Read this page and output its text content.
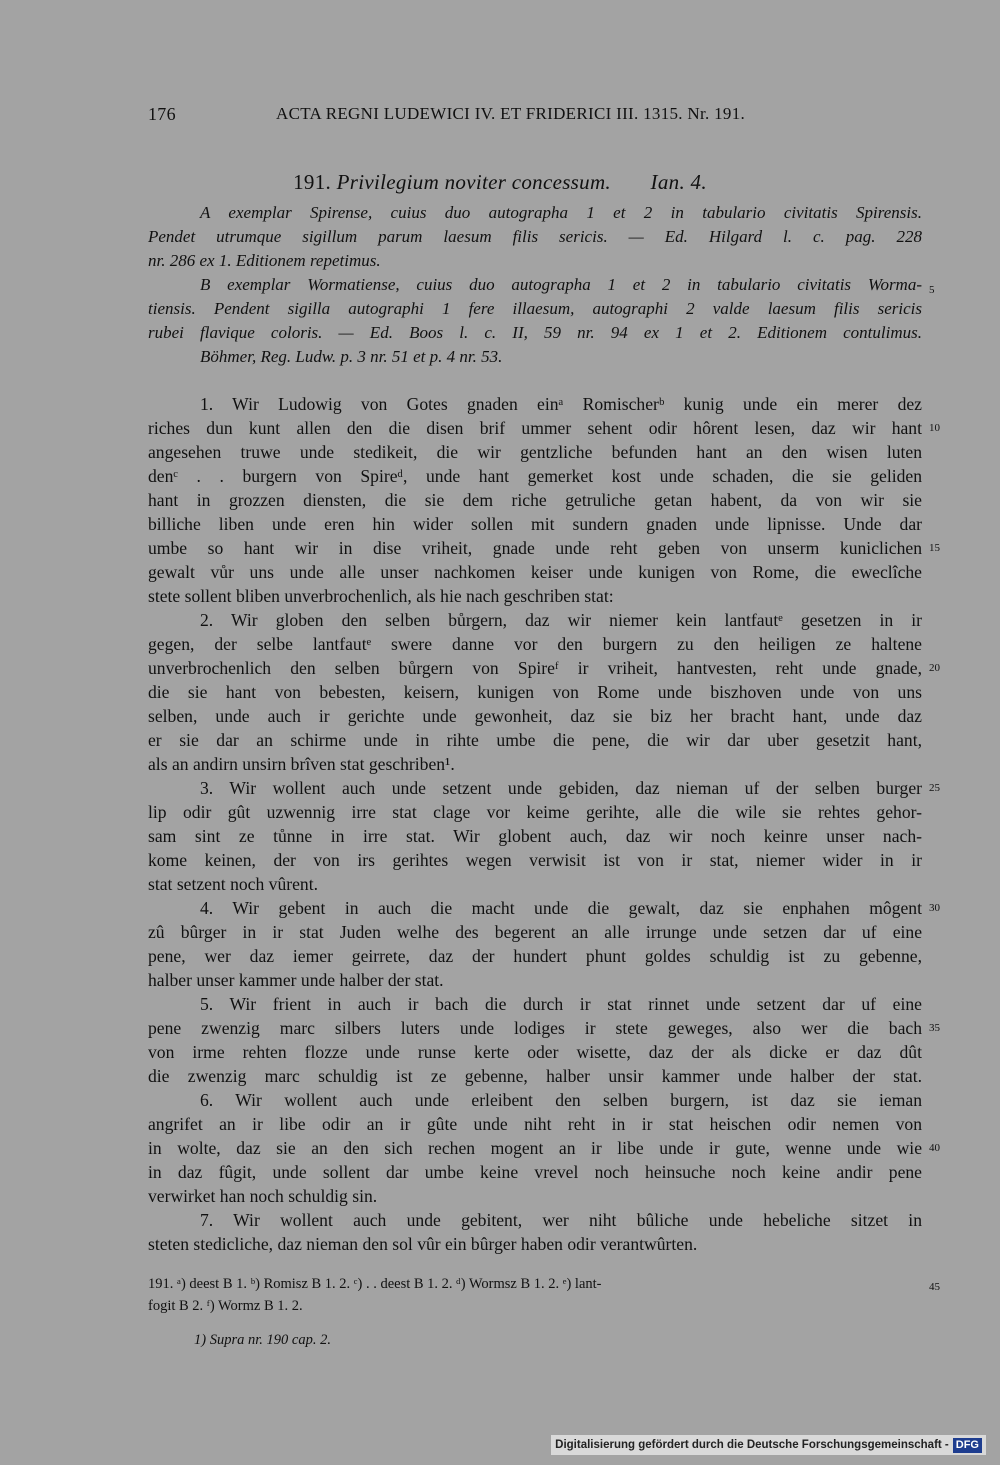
176	ACTA REGNI LUDEWICI IV. ET FRIDERICI III. 1315. Nr. 191.
191. Privilegium noviter concessum. Ian. 4.
A exemplar Spirense, cuius duo autographa 1 et 2 in tabulario civitatis Spirensis.
Pendet utrumque sigillum parum laesum filis sericis. — Ed. Hilgard l. c. pag. 228
nr. 286 ex 1. Editionem repetimus.
B exemplar Wormatiense, cuius duo autographa 1 et 2 in tabulario civitatis Worma-
tiensis. Pendent sigilla autographi 1 fere illaesum, autographi 2 valde laesum filis sericis
rubei flavique coloris. — Ed. Boos l. c. II, 59 nr. 94 ex 1 et 2. Editionem contulimus.
Böhmer, Reg. Ludw. p. 3 nr. 51 et p. 4 nr. 53.
1. Wir Ludowig von Gotes gnaden einᵃ Romischerᵇ kunig unde ein merer dez
riches dun kunt allen den die disen brif ummer sehent odir hôrent lesen, daz wir hant
angesehen truwe unde stedikeit, die wir gentzliche befunden hant an den wisen luten
denᶜ . . burgern von Spireᵈ, unde hant gemerket kost unde schaden, die sie geliden
hant in grozzen diensten, die sie dem riche getruliche getan habent, da von wir sie
billiche liben unde eren hin wider sollen mit sundern gnaden unde lipnisse. Unde dar
umbe so hant wir in dise vriheit, gnade unde reht geben von unserm kuniclichen
gewalt vůr uns unde alle unser nachkomen keiser unde kunigen von Rome, die eweclîche
stete sollent bliben unverbrochenlich, als hie nach geschriben stat:
2. Wir globen den selben bůrgern, daz wir niemer kein lantfautᵉ gesetzen in ir
gegen, der selbe lantfautᵉ swere danne vor den burgern zu den heiligen ze haltene
unverbrochenlich den selben bůrgern von Spireᶠ ir vriheit, hantvesten, reht unde gnade,
die sie hant von bebesten, keisern, kunigen von Rome unde biszhoven unde von uns
selben, unde auch ir gerichte unde gewonheit, daz sie biz her bracht hant, unde daz
er sie dar an schirme unde in rihte umbe die pene, die wir dar uber gesetzit hant,
als an andirn unsirn brîven stat geschriben¹.
3. Wir wollent auch unde setzent unde gebiden, daz nieman uf der selben burger
lip odir gût uzwennig irre stat clage vor keime gerihte, alle die wile sie rehtes gehor-
sam sint ze tůnne in irre stat. Wir globent auch, daz wir noch keinre unser nach-
kome keinen, der von irs gerihtes wegen verwisit ist von ir stat, niemer wider in ir
stat setzent noch vûrent.
4. Wir gebent in auch die macht unde die gewalt, daz sie enphahen môgent
zû bûrger in ir stat Juden welhe des begerent an alle irrunge unde setzen dar uf eine
pene, wer daz iemer geirrete, daz der hundert phunt goldes schuldig ist zu gebenne,
halber unser kammer unde halber der stat.
5. Wir frient in auch ir bach die durch ir stat rinnet unde setzent dar uf eine
pene zwenzig marc silbers luters unde lodiges ir stete geweges, also wer die bach
von irme rehten flozze unde runse kerte oder wisette, daz der als dicke er daz dût
die zwenzig marc schuldig ist ze gebenne, halber unsir kammer unde halber der stat.
6. Wir wollent auch unde erleibent den selben burgern, ist daz sie ieman
angrifet an ir libe odir an ir gûte unde niht reht in ir stat heischen odir nemen von
in wolte, daz sie an den sich rechen mogent an ir libe unde ir gute, wenne unde wie
in daz fûgit, unde sollent dar umbe keine vrevel noch heinsuche noch keine andir pene
verwirket han noch schuldig sin.
7. Wir wollent auch unde gebitent, wer niht bûliche unde hebeliche sitzet in
steten stedicliche, daz nieman den sol vûr ein bûrger haben odir verantwûrten.
5
10
15
20
25
30
35
40
45
191. ᵃ) deest B 1. ᵇ) Romisz B 1. 2. ᶜ) . . deest B 1. 2. ᵈ) Wormsz B 1. 2. ᵉ) lant-
fogit B 2. ᶠ) Wormz B 1. 2.
1) Supra nr. 190 cap. 2.
Digitalisierung gefördert durch die Deutsche Forschungsgemeinschaft - DFG
